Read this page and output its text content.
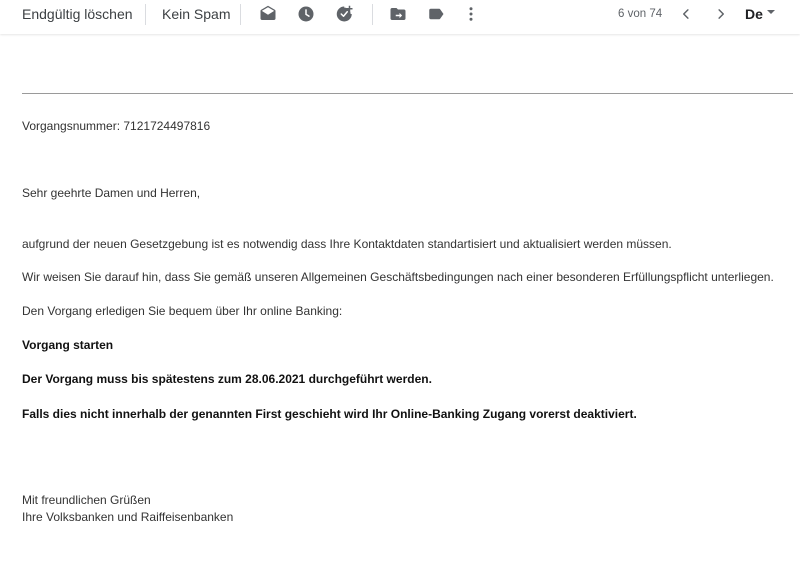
Endgültig löschen Kein Spam	6 von 74	De
Vorgangsnummer: 7121724497816
Sehr geehrte Damen und Herren,
aufgrund der neuen Gesetzgebung ist es notwendig dass Ihre Kontaktdaten standartisiert und aktualisiert werden müssen.
Wir weisen Sie darauf hin, dass Sie gemäß unseren Allgemeinen Geschäftsbedingungen nach einer besonderen Erfüllungspflicht unterliegen.
Den Vorgang erledigen Sie bequem über Ihr online Banking:
Vorgang starten
Der Vorgang muss bis spätestens zum 28.06.2021 durchgeführt werden.
Falls dies nicht innerhalb der genannten First geschieht wird Ihr Online-Banking Zugang vorerst deaktiviert.
Mit freundlichen Grüßen
Ihre Volksbanken und Raiffeisenbanken
